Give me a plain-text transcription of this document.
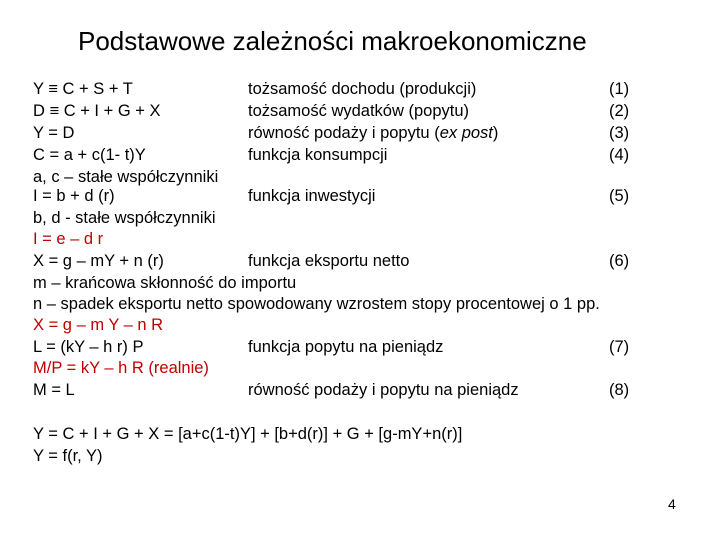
Podstawowe zależności makroekonomiczne
Y ≡ C + S + T	tożsamość dochodu (produkcji)	(1)
D ≡ C + I + G + X	tożsamość wydatków (popytu)	(2)
Y = D	równość podaży i popytu (ex post)	(3)
C = a + c(1- t)Y	funkcja konsumpcji	(4)
a, c – stałe współczynniki
I = b + d (r)	funkcja inwestycji	(5)
b, d - stałe współczynniki
I = e – d r
X = g – mY + n (r)	funkcja eksportu netto	(6)
m – krańcowa skłonność do importu
n – spadek eksportu netto spowodowany wzrostem stopy procentowej o 1 pp.
X = g – m Y – n R
L = (kY – h r) P	funkcja popytu na pieniądz	(7)
M/P = kY – h R (realnie)
M = L	równość podaży i popytu na pieniądz	(8)
Y = C + I + G + X = [a+c(1-t)Y] + [b+d(r)] + G + [g-mY+n(r)]
Y = f(r, Y)
4
